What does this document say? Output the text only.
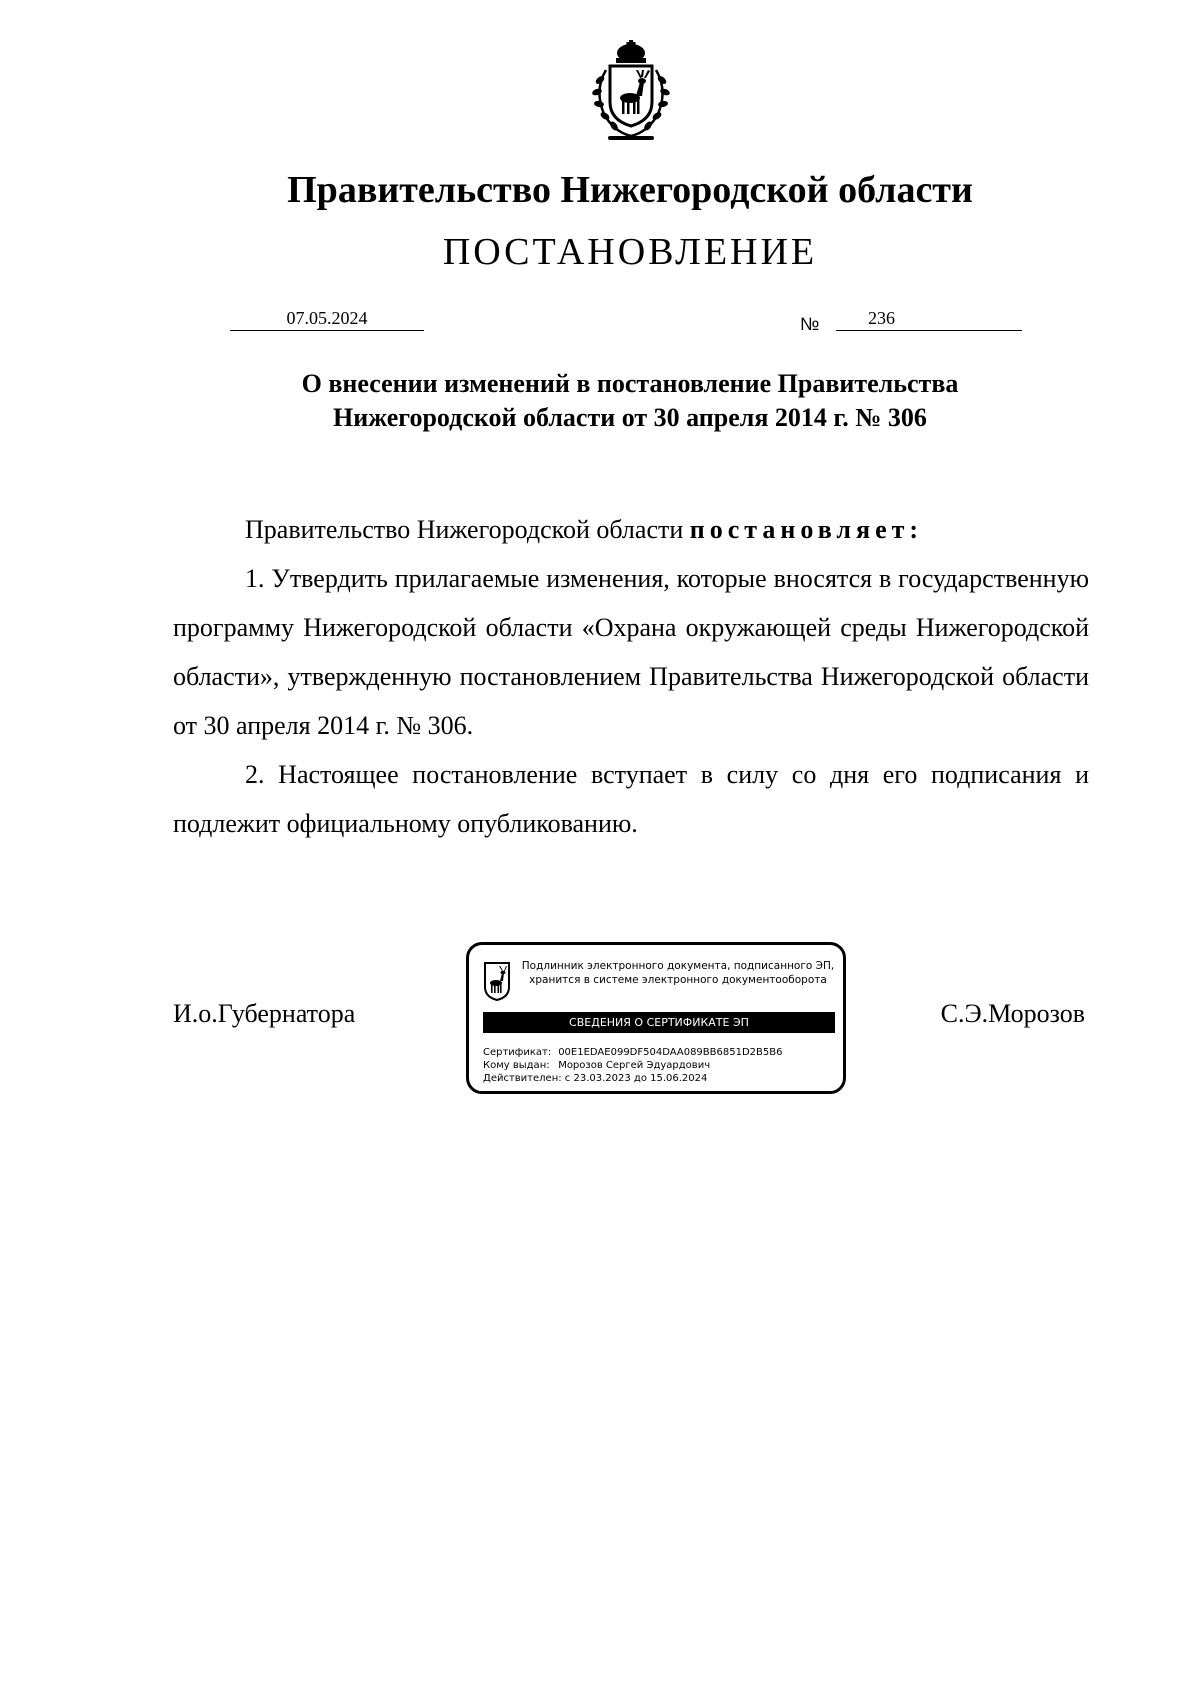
Правительство Нижегородской области
ПОСТАНОВЛЕНИЕ
07.05.2024	№	236
О внесении изменений в постановление Правительства
Нижегородской области от 30 апреля 2014 г. № 306

Правительство Нижегородской области постановляет:

1. Утвердить прилагаемые изменения, которые вносятся в государственную программу Нижегородской области «Охрана окружающей среды Нижегородской области», утвержденную постановлением Правительства Нижегородской области от 30 апреля 2014 г. № 306.

2. Настоящее постановление вступает в силу со дня его подписания и подлежит официальному опубликованию.

И.о.Губернатора	С.Э.Морозов
Подлинник электронного документа, подписанного ЭП,
хранится в системе электронного документооборота
СВЕДЕНИЯ О СЕРТИФИКАТЕ ЭП
Сертификат: 00E1EDAE099DF504DAA089BB6851D2B5B6
Кому выдан: Морозов Сергей Эдуардович
Действителен: с 23.03.2023 до 15.06.2024
